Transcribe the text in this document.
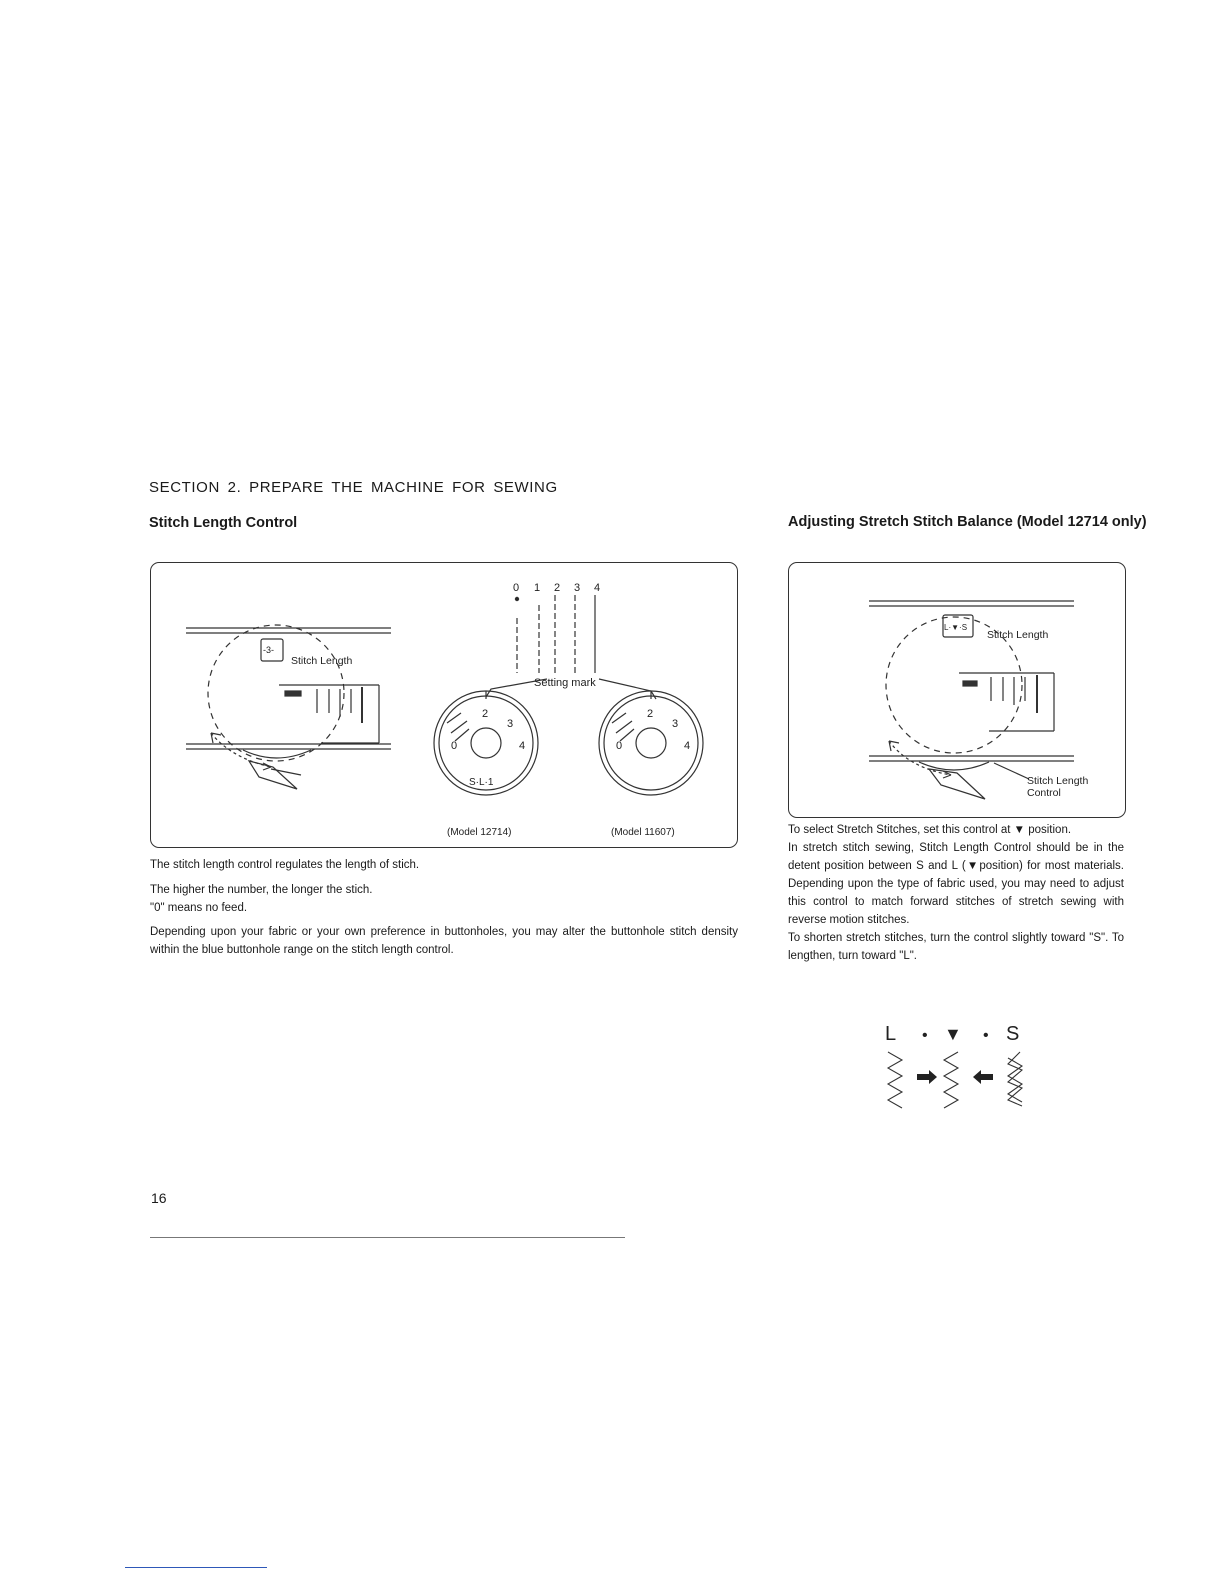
SECTION 2. PREPARE THE MACHINE FOR SEWING
Stitch Length Control	Adjusting Stretch Stitch Balance (Model 12714 only)
-3-
Stitch Length
0 1 2 3 4
Setting mark
0
2
3
4
S·L·1
0
2
3
4
(Model 12714)	(Model 11607)
L·▼·S
Stitch Length
Stitch Length
Control
The stitch length control regulates the length of stich.
The higher the number, the longer the stich.
"0" means no feed.
Depending upon your fabric or your own preference in buttonholes, you may alter the buttonhole stitch density within the blue buttonhole range on the stitch length control.

To select Stretch Stitches, set this control at ▼ position.

In stretch stitch sewing, Stitch Length Control should be in the detent position between S and L (▼position) for most materials. Depending upon the type of fabric used, you may need to adjust this control to match forward stitches of stretch sewing with reverse motion stitches.

To shorten stretch stitches, turn the control slightly toward "S". To lengthen, turn toward "L".

L • ▼ • S
16
